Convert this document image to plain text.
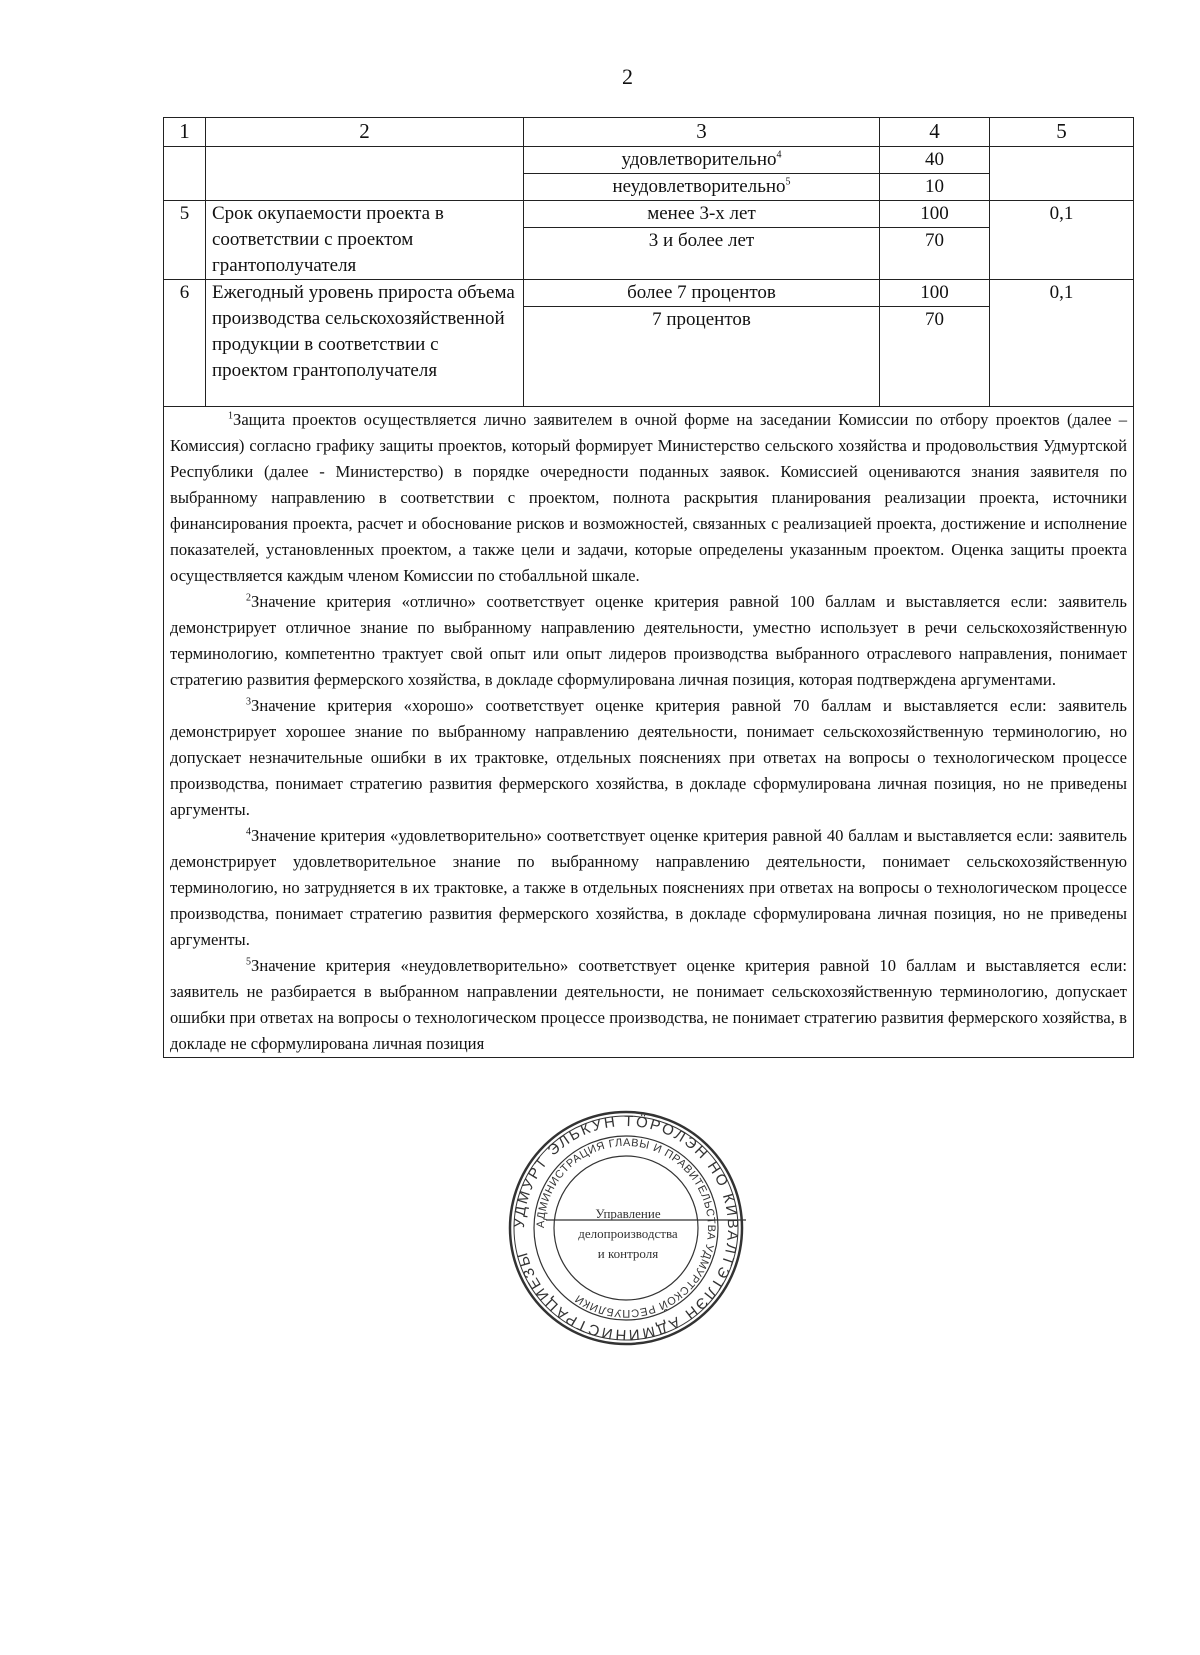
2
1	2	3	4	5
		удовлетворительно$^4$	40	
		неудовлетворительно$^5$	10	
5	Срок окупаемости проекта в соответствии с проектом грантополучателя	менее 3-х лет	100	0,1
		3 и более лет	70	
6	Ежегодный уровень прироста объема производства сельскохозяйственной продукции в соответствии с проектом грантополучателя	более 7 процентов	100	0,1
		7 процентов	70	

$^1$Защита проектов осуществляется лично заявителем в очной форме на заседании Комиссии по отбору проектов (далее – Комиссия) согласно графику защиты проектов, который формирует Министерство сельского хозяйства и продовольствия Удмуртской Республики (далее - Министерство) в порядке очередности поданных заявок. Комиссией оцениваются знания заявителя по выбранному направлению в соответствии с проектом, полнота раскрытия планирования реализации проекта, источники финансирования проекта, расчет и обоснование рисков и возможностей, связанных с реализацией проекта, достижение и исполнение показателей, установленных проектом, а также цели и задачи, которые определены указанным проектом. Оценка защиты проекта осуществляется каждым членом Комиссии по стобалльной шкале.

$^2$Значение критерия «отлично» соответствует оценке критерия равной 100 баллам и выставляется если: заявитель демонстрирует отличное знание по выбранному направлению деятельности, уместно использует в речи сельскохозяйственную терминологию, компетентно трактует свой опыт или опыт лидеров производства выбранного отраслевого направления, понимает стратегию развития фермерского хозяйства, в докладе сформулирована личная позиция, которая подтверждена аргументами.

$^3$Значение критерия «хорошо» соответствует оценке критерия равной 70 баллам и выставляется если: заявитель демонстрирует хорошее знание по выбранному направлению деятельности, понимает сельскохозяйственную терминологию, но допускает незначительные ошибки в их трактовке, отдельных пояснениях при ответах на вопросы о технологическом процессе производства, понимает стратегию развития фермерского хозяйства, в докладе сформулирована личная позиция, но не приведены аргументы.

$^4$Значение критерия «удовлетворительно» соответствует оценке критерия равной 40 баллам и выставляется если: заявитель демонстрирует удовлетворительное знание по выбранному направлению деятельности, понимает сельскохозяйственную терминологию, но затрудняется в их трактовке, а также в отдельных пояснениях при ответах на вопросы о технологическом процессе производства, понимает стратегию развития фермерского хозяйства, в докладе сформулирована личная позиция, но не приведены аргументы.

$^5$Значение критерия «неудовлетворительно» соответствует оценке критерия равной 10 баллам и выставляется если: заявитель не разбирается в выбранном направлении деятельности, не понимает сельскохозяйственную терминологию, допускает ошибки при ответах на вопросы о технологическом процессе производства, не понимает стратегию развития фермерского хозяйства, в докладе не сформулирована личная позиция				

УДМУРТ ЭЛЬКУН ТӦРОЛЭН НО КИВАЛТЭТЛЭН АДМИНИСТРАЦИЕЗЫ
АДМИНИСТРАЦИЯ ГЛАВЫ И ПРАВИТЕЛЬСТВА УДМУРТСКОЙ РЕСПУБЛИКИ
Управление
делопроизводства
и контроля
